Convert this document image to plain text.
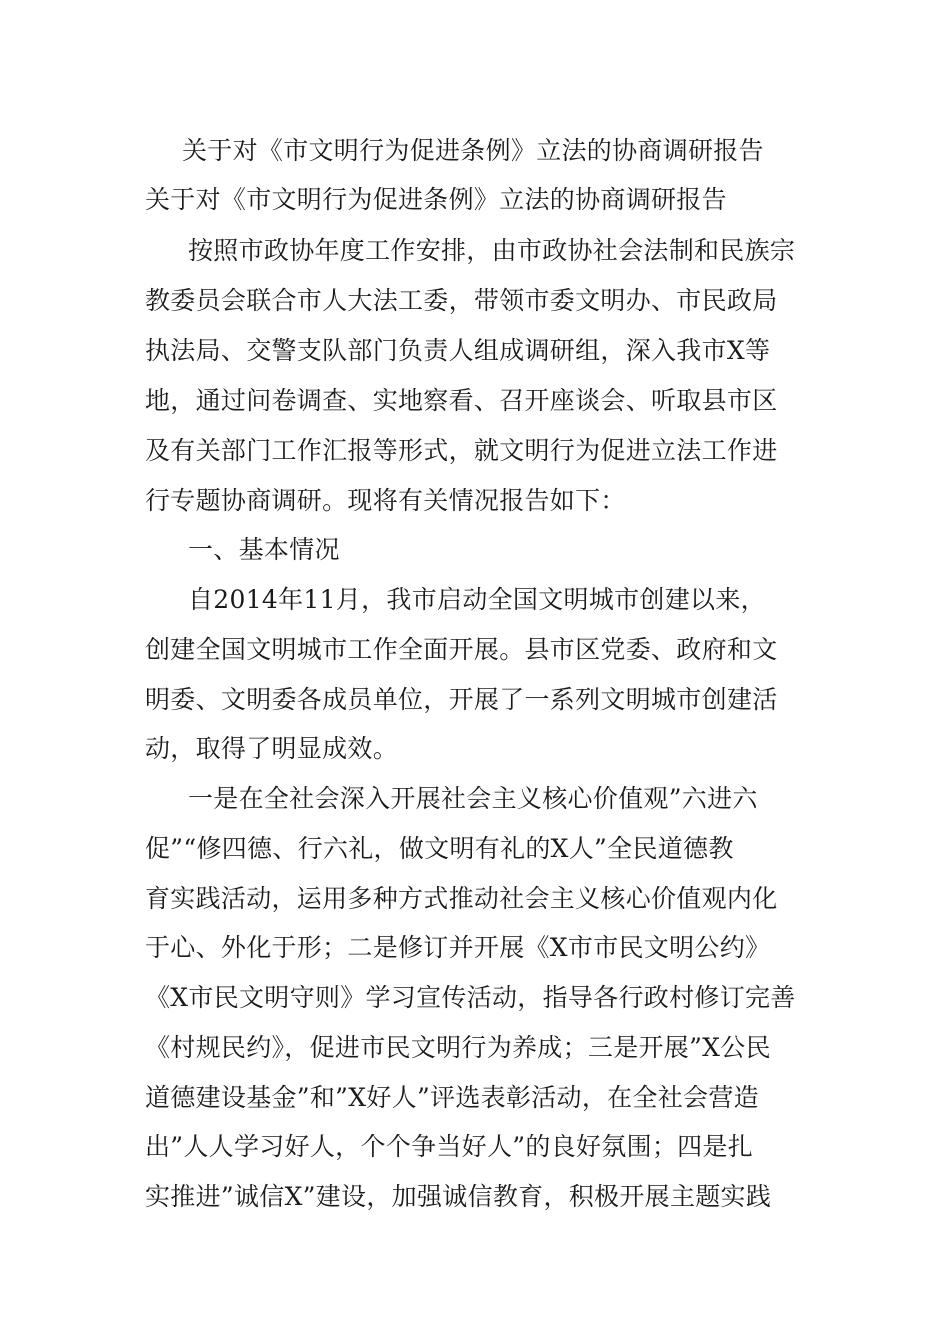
关于对《市文明行为促进条例》立法的协商调研报告

关于对《市文明行为促进条例》立法的协商调研报告

按照市政协年度工作安排，由市政协社会法制和民族宗

教委员会联合市人大法工委，带领市委文明办、市民政局

执法局、交警支队部门负责人组成调研组，深入我市X等

地，通过问卷调查、实地察看、召开座谈会、听取县市区

及有关部门工作汇报等形式，就文明行为促进立法工作进

行专题协商调研。现将有关情况报告如下：

一、基本情况

自2014年11月，我市启动全国文明城市创建以来，

创建全国文明城市工作全面开展。县市区党委、政府和文

明委、文明委各成员单位，开展了一系列文明城市创建活

动，取得了明显成效。

一是在全社会深入开展社会主义核心价值观”六进六

促”“修四德、行六礼，做文明有礼的X人”全民道德教

育实践活动，运用多种方式推动社会主义核心价值观内化

于心、外化于形；二是修订并开展《X市市民文明公约》

《X市民文明守则》学习宣传活动，指导各行政村修订完善

《村规民约》，促进市民文明行为养成；三是开展”X公民

道德建设基金”和”X好人”评选表彰活动，在全社会营造

出”人人学习好人，个个争当好人”的良好氛围；四是扎

实推进”诚信X”建设，加强诚信教育，积极开展主题实践
